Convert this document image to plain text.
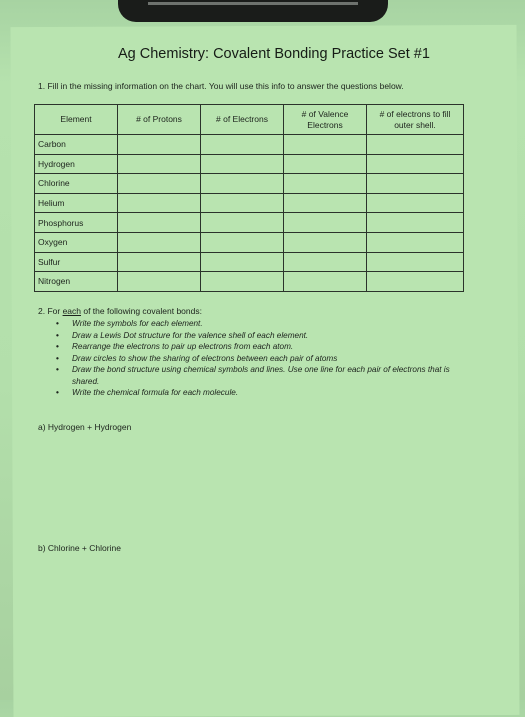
Ag Chemistry: Covalent Bonding Practice Set #1
1. Fill in the missing information on the chart. You will use this info to answer the questions below.
Element	# of Protons	# of Electrons	# of Valence Electrons	# of electrons to fill outer shell.
Carbon				
Hydrogen				
Chlorine				
Helium				
Phosphorus				
Oxygen				
Sulfur				
Nitrogen				
2. For each of the following covalent bonds:
• Write the symbols for each element.
• Draw a Lewis Dot structure for the valence shell of each element.
• Rearrange the electrons to pair up electrons from each atom.
• Draw circles to show the sharing of electrons between each pair of atoms
• Draw the bond structure using chemical symbols and lines. Use one line for each pair of electrons that is shared.
• Write the chemical formula for each molecule.
a) Hydrogen + Hydrogen
b) Chlorine + Chlorine
